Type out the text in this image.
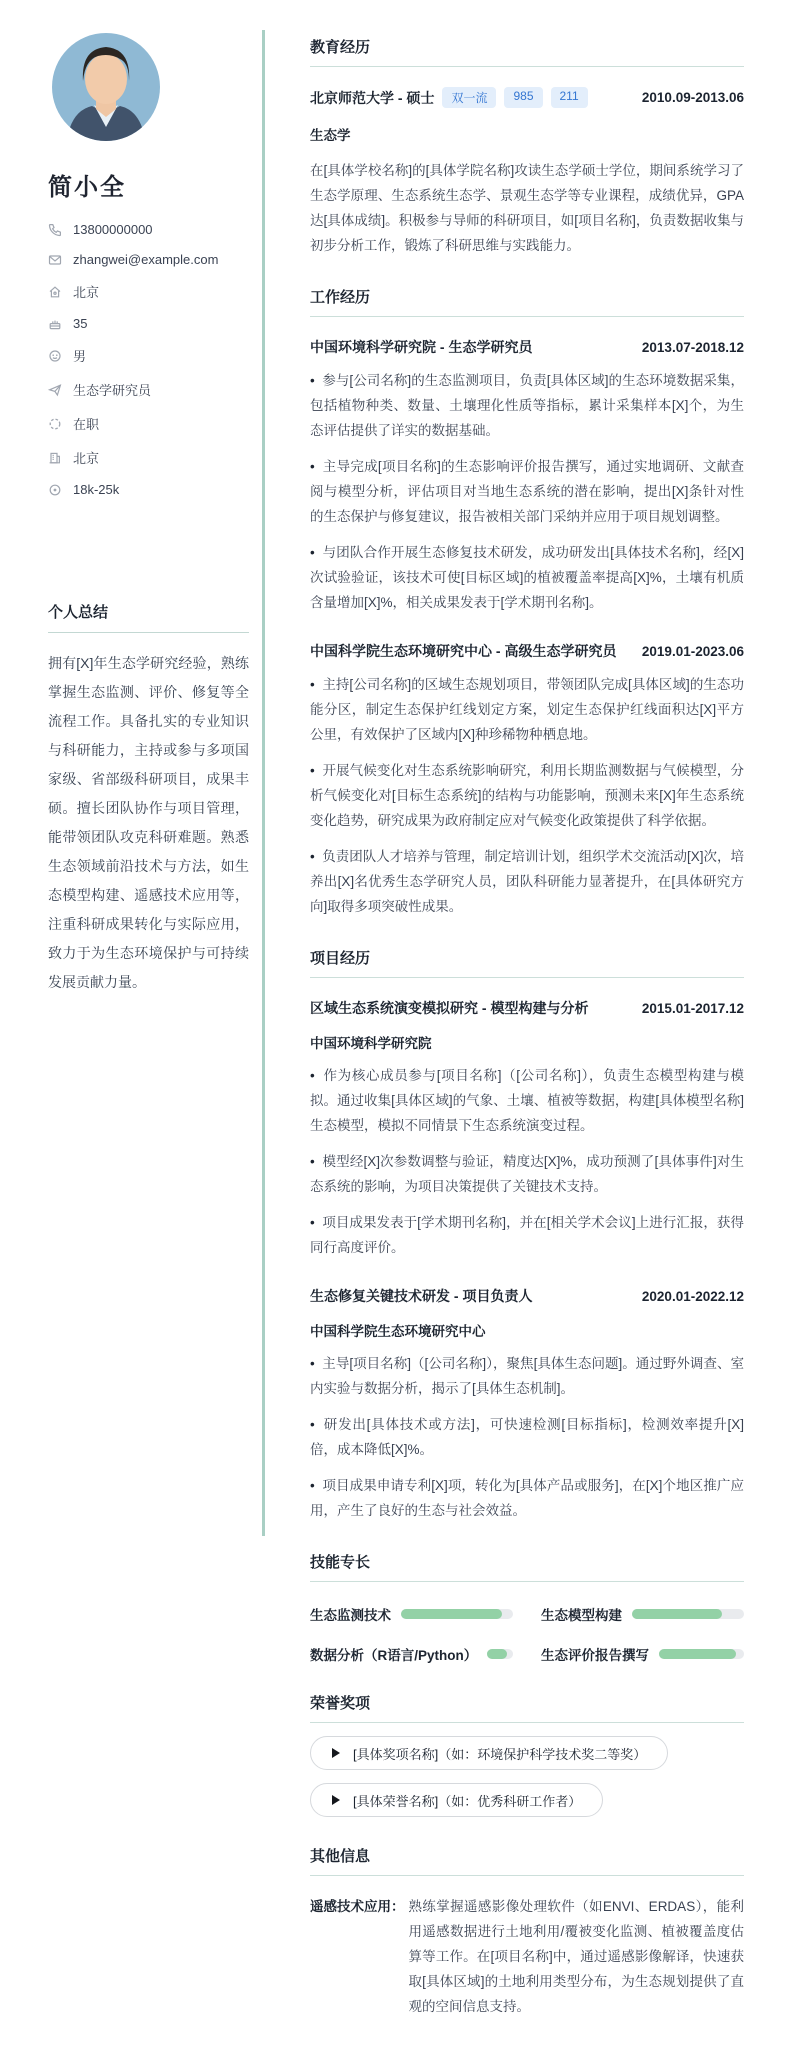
简小全
13800000000
zhangwei@example.com
北京
35
男
生态学研究员
在职
北京
18k-25k
个人总结
拥有[X]年生态学研究经验，熟练掌握生态监测、评价、修复等全流程工作。具备扎实的专业知识与科研能力，主持或参与多项国家级、省部级科研项目，成果丰硕。擅长团队协作与项目管理，能带领团队攻克科研难题。熟悉生态领域前沿技术与方法，如生态模型构建、遥感技术应用等，注重科研成果转化与实际应用，致力于为生态环境保护与可持续发展贡献力量。
教育经历
北京师范大学 - 硕士	双一流	985	211	2010.09-2013.06
生态学
在[具体学校名称]的[具体学院名称]攻读生态学硕士学位，期间系统学习了生态学原理、生态系统生态学、景观生态学等专业课程，成绩优异，GPA达[具体成绩]。积极参与导师的科研项目，如[项目名称]，负责数据收集与初步分析工作，锻炼了科研思维与实践能力。
工作经历
中国环境科学研究院 - 生态学研究员	2013.07-2018.12
•  参与[公司名称]的生态监测项目，负责[具体区域]的生态环境数据采集，包括植物种类、数量、土壤理化性质等指标，累计采集样本[X]个，为生态评估提供了详实的数据基础。
•  主导完成[项目名称]的生态影响评价报告撰写，通过实地调研、文献查阅与模型分析，评估项目对当地生态系统的潜在影响，提出[X]条针对性的生态保护与修复建议，报告被相关部门采纳并应用于项目规划调整。
•  与团队合作开展生态修复技术研发，成功研发出[具体技术名称]，经[X]次试验验证，该技术可使[目标区域]的植被覆盖率提高[X]%，土壤有机质含量增加[X]%，相关成果发表于[学术期刊名称]。
中国科学院生态环境研究中心 - 高级生态学研究员 2019.01-2023.06
•  主持[公司名称]的区域生态规划项目，带领团队完成[具体区域]的生态功能分区，制定生态保护红线划定方案，划定生态保护红线面积达[X]平方公里，有效保护了区域内[X]种珍稀物种栖息地。
•  开展气候变化对生态系统影响研究，利用长期监测数据与气候模型，分析气候变化对[目标生态系统]的结构与功能影响，预测未来[X]年生态系统变化趋势，研究成果为政府制定应对气候变化政策提供了科学依据。
•  负责团队人才培养与管理，制定培训计划，组织学术交流活动[X]次，培养出[X]名优秀生态学研究人员，团队科研能力显著提升，在[具体研究方向]取得多项突破性成果。
项目经历
区域生态系统演变模拟研究 - 模型构建与分析	2015.01-2017.12
中国环境科学研究院
•  作为核心成员参与[项目名称]（[公司名称]），负责生态模型构建与模拟。通过收集[具体区域]的气象、土壤、植被等数据，构建[具体模型名称]生态模型，模拟不同情景下生态系统演变过程。
•  模型经[X]次参数调整与验证，精度达[X]%，成功预测了[具体事件]对生态系统的影响，为项目决策提供了关键技术支持。
•  项目成果发表于[学术期刊名称]，并在[相关学术会议]上进行汇报，获得同行高度评价。
生态修复关键技术研发 - 项目负责人	2020.01-2022.12
中国科学院生态环境研究中心
•  主导[项目名称]（[公司名称]），聚焦[具体生态问题]。通过野外调查、室内实验与数据分析，揭示了[具体生态机制]。
•  研发出[具体技术或方法]，可快速检测[目标指标]，检测效率提升[X]倍，成本降低[X]%。
•  项目成果申请专利[X]项，转化为[具体产品或服务]，在[X]个地区推广应用，产生了良好的生态与社会效益。
技能专长
生态监测技术	生态模型构建
数据分析（R语言/Python）	生态评价报告撰写
荣誉奖项
[具体奖项名称]（如：环境保护科学技术奖二等奖）
[具体荣誉名称]（如：优秀科研工作者）
其他信息
遥感技术应用： 熟练掌握遥感影像处理软件（如ENVI、ERDAS），能利用遥感数据进行土地利用/覆被变化监测、植被覆盖度估算等工作。在[项目名称]中，通过遥感影像解译，快速获取[具体区域]的土地利用类型分布，为生态规划提供了直观的空间信息支持。
